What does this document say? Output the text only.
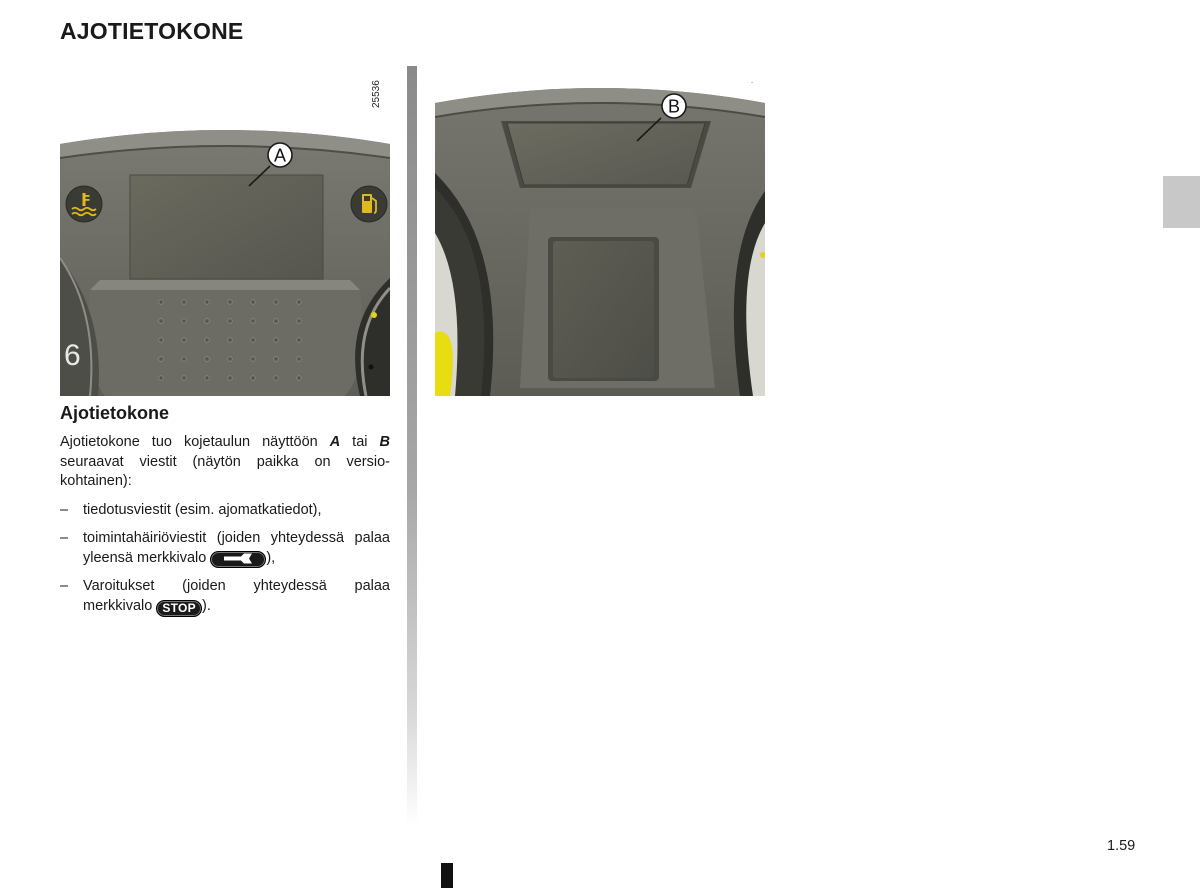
AJOTIETOKONE
25536
6
A
B
Ajotietokone

Ajotietokone tuo kojetaulun näyttöön A tai B seuraavat viestit (näytön paikka on versiokohtainen):

– tiedotusviestit (esim. ajomatkatiedot),
– toimintahäiriöviestit (joiden yhteydessä palaa yleensä merkkivalo	),
– Varoitukset (joiden yhteydessä palaa merkkivalo STOP ).
1.59
